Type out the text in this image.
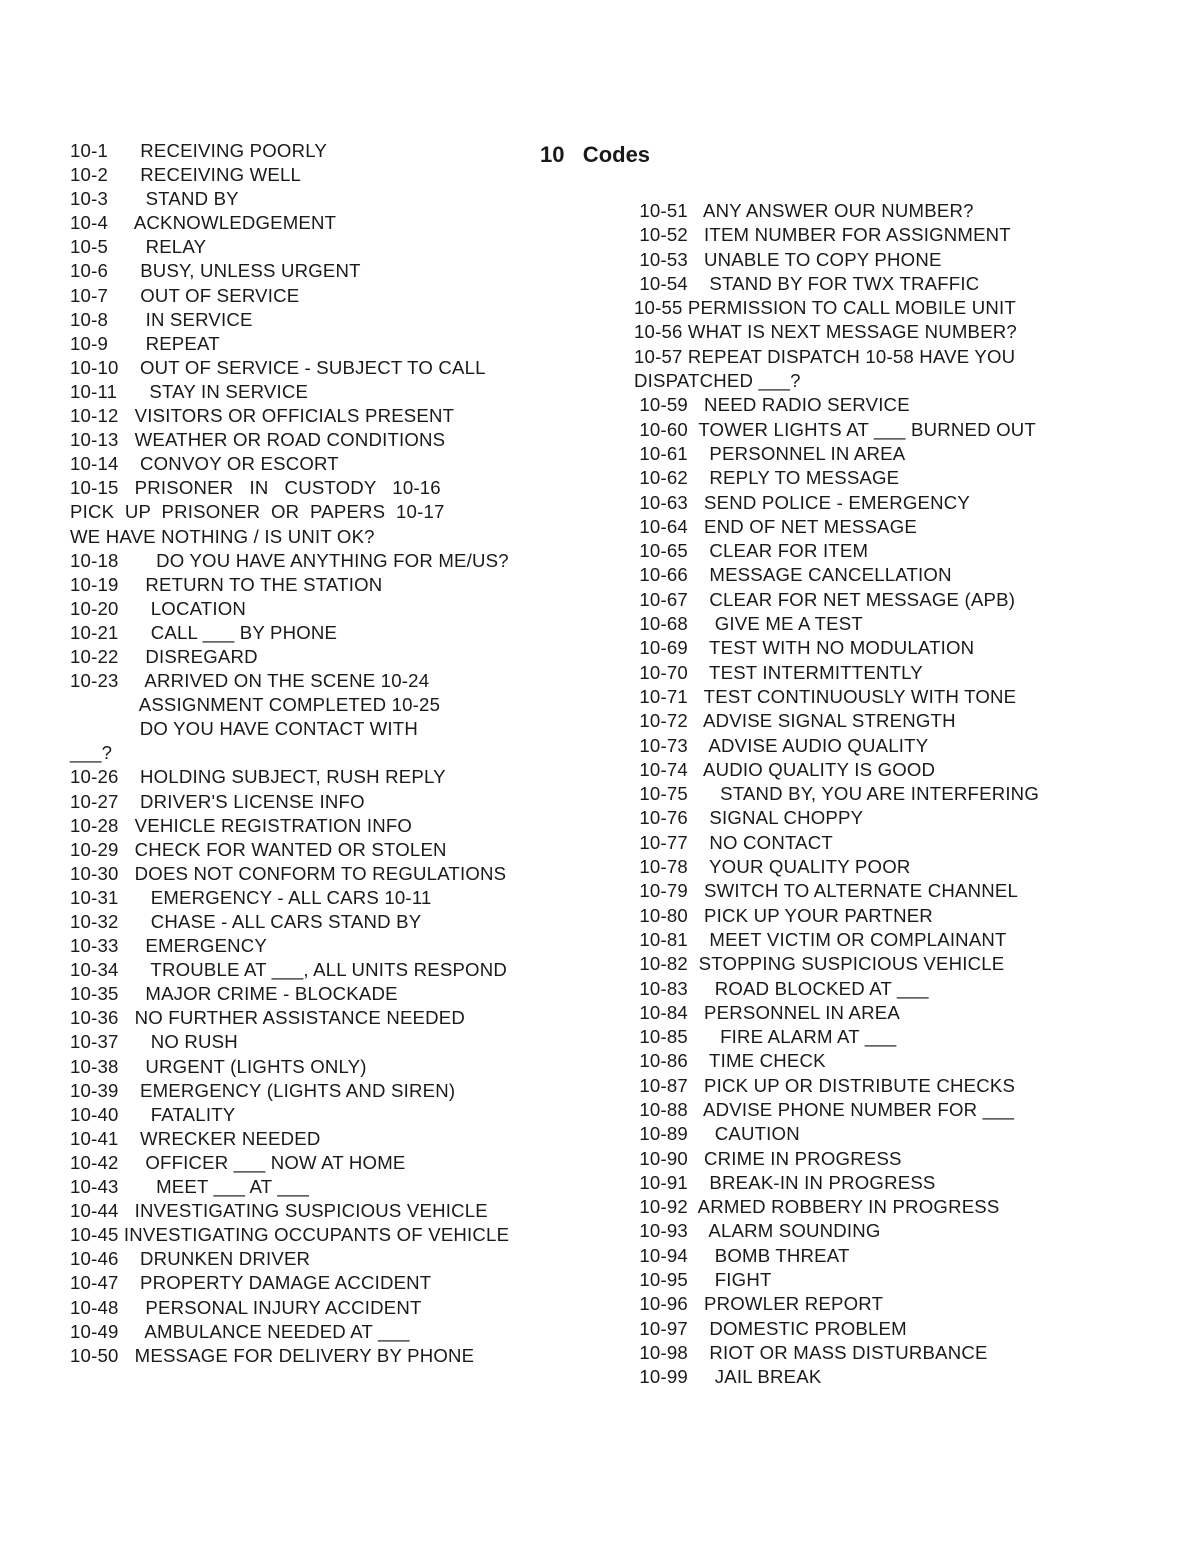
10   Codes
10-1      RECEIVING POORLY
10-2      RECEIVING WELL
10-3       STAND BY
10-4     ACKNOWLEDGEMENT
10-5       RELAY
10-6      BUSY, UNLESS URGENT
10-7      OUT OF SERVICE
10-8       IN SERVICE
10-9       REPEAT
10-10    OUT OF SERVICE - SUBJECT TO CALL
10-11      STAY IN SERVICE
10-12   VISITORS OR OFFICIALS PRESENT
10-13   WEATHER OR ROAD CONDITIONS
10-14    CONVOY OR ESCORT
10-15   PRISONER   IN   CUSTODY   10-16
PICK  UP  PRISONER  OR  PAPERS  10-17
WE HAVE NOTHING / IS UNIT OK?
10-18       DO YOU HAVE ANYTHING FOR ME/US?
10-19     RETURN TO THE STATION
10-20      LOCATION
10-21      CALL ___ BY PHONE
10-22     DISREGARD
10-23     ARRIVED ON THE SCENE 10-24
ASSIGNMENT COMPLETED 10-25
DO YOU HAVE CONTACT WITH
___?
10-26    HOLDING SUBJECT, RUSH REPLY
10-27    DRIVER'S LICENSE INFO
10-28   VEHICLE REGISTRATION INFO
10-29   CHECK FOR WANTED OR STOLEN
10-30   DOES NOT CONFORM TO REGULATIONS
10-31      EMERGENCY - ALL CARS 10-11
10-32      CHASE - ALL CARS STAND BY
10-33     EMERGENCY
10-34      TROUBLE AT ___, ALL UNITS RESPOND
10-35     MAJOR CRIME - BLOCKADE
10-36   NO FURTHER ASSISTANCE NEEDED
10-37      NO RUSH
10-38     URGENT (LIGHTS ONLY)
10-39    EMERGENCY (LIGHTS AND SIREN)
10-40      FATALITY
10-41    WRECKER NEEDED
10-42     OFFICER ___ NOW AT HOME
10-43       MEET ___ AT ___
10-44   INVESTIGATING SUSPICIOUS VEHICLE
10-45 INVESTIGATING OCCUPANTS OF VEHICLE
10-46    DRUNKEN DRIVER
10-47    PROPERTY DAMAGE ACCIDENT
10-48     PERSONAL INJURY ACCIDENT
10-49     AMBULANCE NEEDED AT ___
10-50   MESSAGE FOR DELIVERY BY PHONE
10-51   ANY ANSWER OUR NUMBER?
10-52   ITEM NUMBER FOR ASSIGNMENT
10-53   UNABLE TO COPY PHONE
10-54    STAND BY FOR TWX TRAFFIC
10-55 PERMISSION TO CALL MOBILE UNIT
10-56 WHAT IS NEXT MESSAGE NUMBER?
10-57 REPEAT DISPATCH 10-58 HAVE YOU
DISPATCHED ___?
10-59   NEED RADIO SERVICE
10-60  TOWER LIGHTS AT ___ BURNED OUT
10-61    PERSONNEL IN AREA
10-62    REPLY TO MESSAGE
10-63   SEND POLICE - EMERGENCY
10-64   END OF NET MESSAGE
10-65    CLEAR FOR ITEM
10-66    MESSAGE CANCELLATION
10-67    CLEAR FOR NET MESSAGE (APB)
10-68     GIVE ME A TEST
10-69    TEST WITH NO MODULATION
10-70    TEST INTERMITTENTLY
10-71   TEST CONTINUOUSLY WITH TONE
10-72   ADVISE SIGNAL STRENGTH
10-73    ADVISE AUDIO QUALITY
10-74   AUDIO QUALITY IS GOOD
10-75      STAND BY, YOU ARE INTERFERING
10-76    SIGNAL CHOPPY
10-77    NO CONTACT
10-78    YOUR QUALITY POOR
10-79   SWITCH TO ALTERNATE CHANNEL
10-80   PICK UP YOUR PARTNER
10-81    MEET VICTIM OR COMPLAINANT
10-82  STOPPING SUSPICIOUS VEHICLE
10-83     ROAD BLOCKED AT ___
10-84   PERSONNEL IN AREA
10-85      FIRE ALARM AT ___
10-86    TIME CHECK
10-87   PICK UP OR DISTRIBUTE CHECKS
10-88   ADVISE PHONE NUMBER FOR ___
10-89     CAUTION
10-90   CRIME IN PROGRESS
10-91    BREAK-IN IN PROGRESS
10-92  ARMED ROBBERY IN PROGRESS
10-93    ALARM SOUNDING
10-94     BOMB THREAT
10-95     FIGHT
10-96   PROWLER REPORT
10-97    DOMESTIC PROBLEM
10-98    RIOT OR MASS DISTURBANCE
10-99     JAIL BREAK
